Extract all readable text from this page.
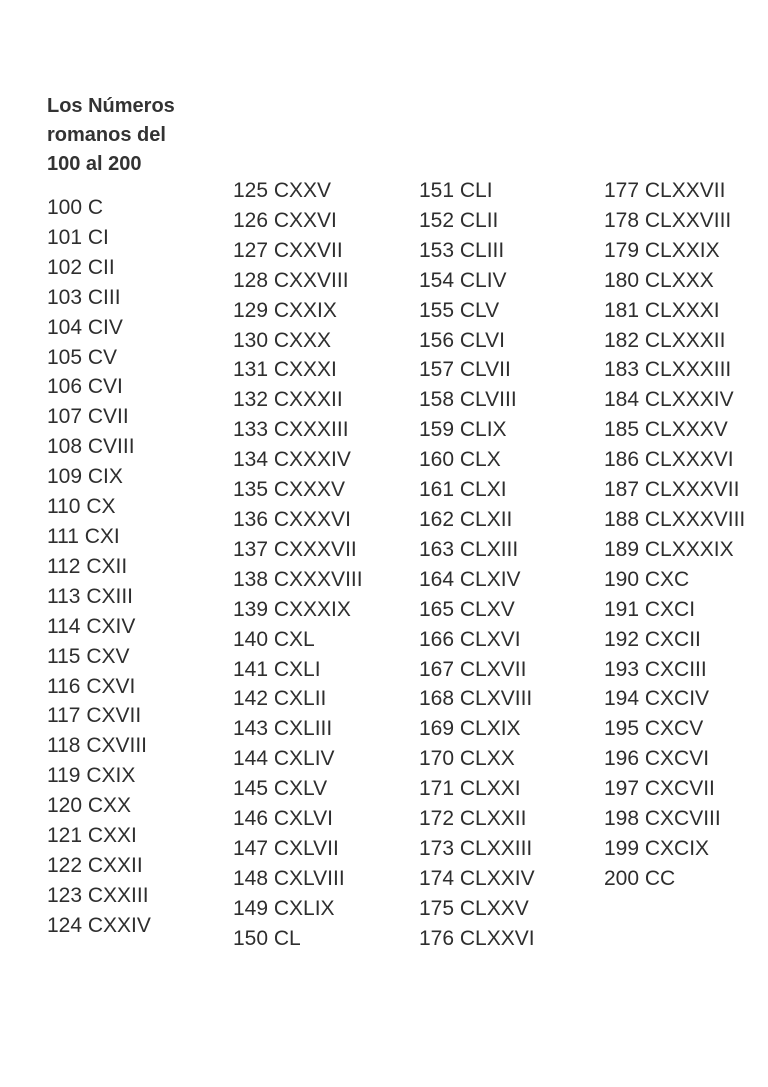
Los Números
romanos del
100 al 200
100 C
101 CI
102 CII
103 CIII
104 CIV
105 CV
106 CVI
107 CVII
108 CVIII
109 CIX
110 CX
111 CXI
112 CXII
113 CXIII
114 CXIV
115 CXV
116 CXVI
117 CXVII
118 CXVIII
119 CXIX
120 CXX
121 CXXI
122 CXXII
123 CXXIII
124 CXXIV
125 CXXV
126 CXXVI
127 CXXVII
128 CXXVIII
129 CXXIX
130 CXXX
131 CXXXI
132 CXXXII
133 CXXXIII
134 CXXXIV
135 CXXXV
136 CXXXVI
137 CXXXVII
138 CXXXVIII
139 CXXXIX
140 CXL
141 CXLI
142 CXLII
143 CXLIII
144 CXLIV
145 CXLV
146 CXLVI
147 CXLVII
148 CXLVIII
149 CXLIX
150 CL
151 CLI
152 CLII
153 CLIII
154 CLIV
155 CLV
156 CLVI
157 CLVII
158 CLVIII
159 CLIX
160 CLX
161 CLXI
162 CLXII
163 CLXIII
164 CLXIV
165 CLXV
166 CLXVI
167 CLXVII
168 CLXVIII
169 CLXIX
170 CLXX
171 CLXXI
172 CLXXII
173 CLXXIII
174 CLXXIV
175 CLXXV
176 CLXXVI
177 CLXXVII
178 CLXXVIII
179 CLXXIX
180 CLXXX
181 CLXXXI
182 CLXXXII
183 CLXXXIII
184 CLXXXIV
185 CLXXXV
186 CLXXXVI
187 CLXXXVII
188 CLXXXVIII
189 CLXXXIX
190 CXC
191 CXCI
192 CXCII
193 CXCIII
194 CXCIV
195 CXCV
196 CXCVI
197 CXCVII
198 CXCVIII
199 CXCIX
200 CC
